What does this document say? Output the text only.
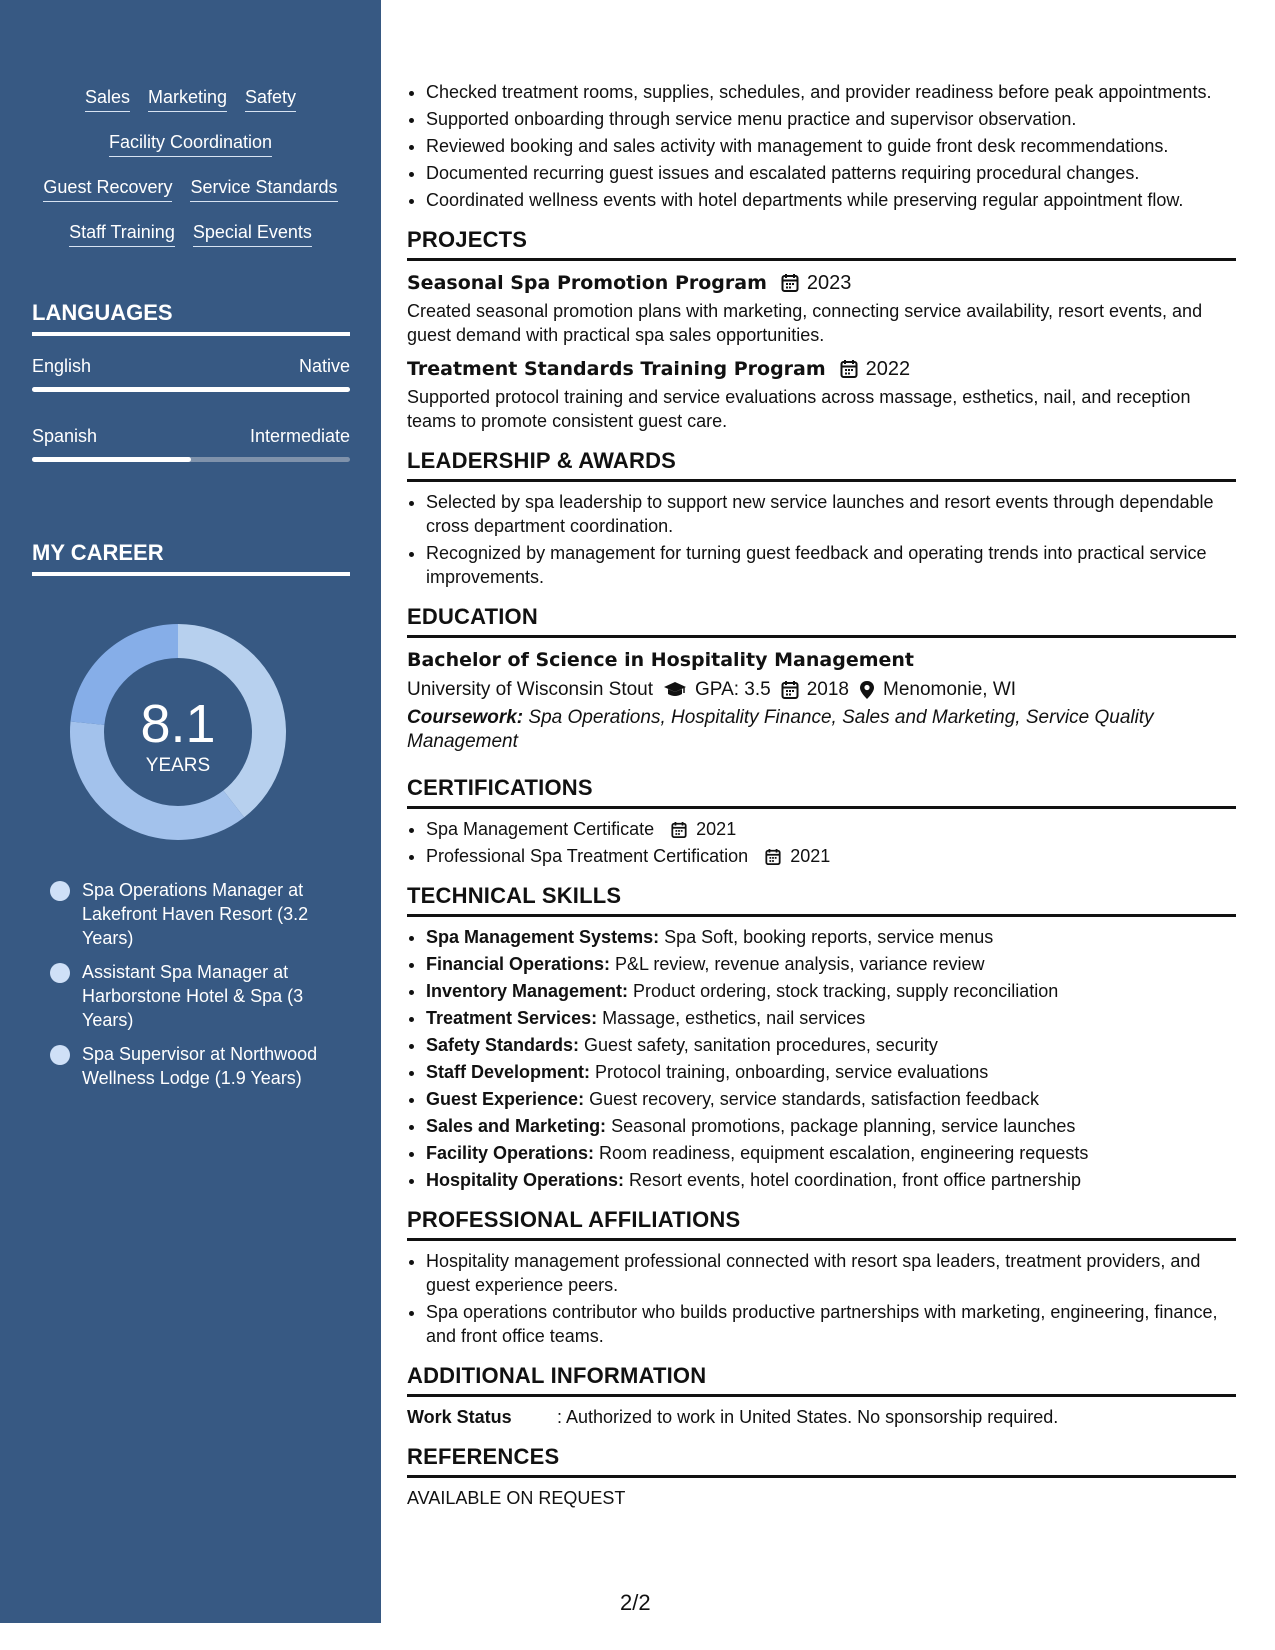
Sales Marketing Safety
Facility Coordination
Guest Recovery Service Standards
Staff Training Special Events
LANGUAGES
English	Native
Spanish	Intermediate
MY CAREER
8.1
YEARS
Spa Operations Manager at Lakefront Haven Resort (3.2 Years)
Assistant Spa Manager at Harborstone Hotel & Spa (3 Years)
Spa Supervisor at Northwood Wellness Lodge (1.9 Years)
• Checked treatment rooms, supplies, schedules, and provider readiness before peak appointments.
• Supported onboarding through service menu practice and supervisor observation.
• Reviewed booking and sales activity with management to guide front desk recommendations.
• Documented recurring guest issues and escalated patterns requiring procedural changes.
• Coordinated wellness events with hotel departments while preserving regular appointment flow.
PROJECTS
Seasonal Spa Promotion Program 2023
Created seasonal promotion plans with marketing, connecting service availability, resort events, and guest demand with practical spa sales opportunities.
Treatment Standards Training Program 2022
Supported protocol training and service evaluations across massage, esthetics, nail, and reception teams to promote consistent guest care.
LEADERSHIP & AWARDS
• Selected by spa leadership to support new service launches and resort events through dependable cross department coordination.
• Recognized by management for turning guest feedback and operating trends into practical service improvements.
EDUCATION
Bachelor of Science in Hospitality Management
University of Wisconsin Stout GPA: 3.5 2018 Menomonie, WI
Coursework: Spa Operations, Hospitality Finance, Sales and Marketing, Service Quality Management
CERTIFICATIONS
• Spa Management Certificate 2021
• Professional Spa Treatment Certification 2021
TECHNICAL SKILLS
• Spa Management Systems: Spa Soft, booking reports, service menus
• Financial Operations: P&L review, revenue analysis, variance review
• Inventory Management: Product ordering, stock tracking, supply reconciliation
• Treatment Services: Massage, esthetics, nail services
• Safety Standards: Guest safety, sanitation procedures, security
• Staff Development: Protocol training, onboarding, service evaluations
• Guest Experience: Guest recovery, service standards, satisfaction feedback
• Sales and Marketing: Seasonal promotions, package planning, service launches
• Facility Operations: Room readiness, equipment escalation, engineering requests
• Hospitality Operations: Resort events, hotel coordination, front office partnership
PROFESSIONAL AFFILIATIONS
• Hospitality management professional connected with resort spa leaders, treatment providers, and guest experience peers.
• Spa operations contributor who builds productive partnerships with marketing, engineering, finance, and front office teams.
ADDITIONAL INFORMATION
Work Status	: Authorized to work in United States. No sponsorship required.
REFERENCES
AVAILABLE ON REQUEST
2/2
